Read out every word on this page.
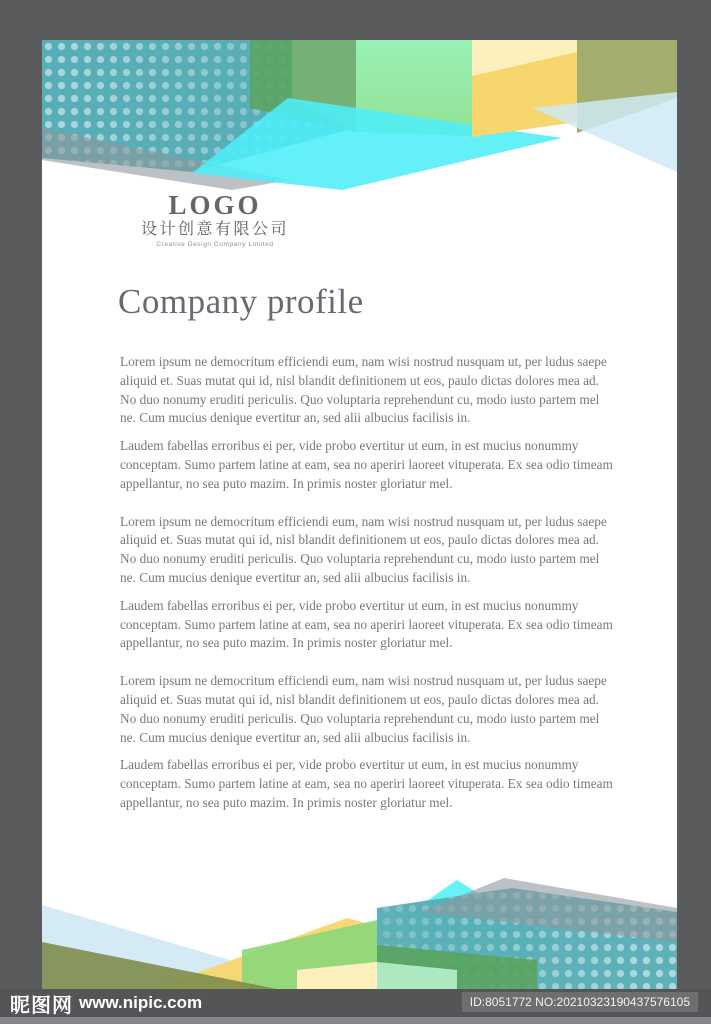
LOGO
设计创意有限公司
Creative Design Company Limited
Company profile

Lorem ipsum ne democritum efficiendi eum, nam wisi nostrud nusquam ut, per ludus saepe aliquid et. Suas mutat qui id, nisl blandit definitionem ut eos, paulo dictas dolores mea ad. No duo nonumy eruditi periculis. Quo voluptaria reprehendunt cu, modo iusto partem mel ne. Cum mucius denique evertitur an, sed alii albucius facilisis in.

Laudem fabellas erroribus ei per, vide probo evertitur ut eum, in est mucius nonummy conceptam. Sumo partem latine at eam, sea no aperiri laoreet vituperata. Ex sea odio timeam appellantur, no sea puto mazim. In primis noster gloriatur mel.

Lorem ipsum ne democritum efficiendi eum, nam wisi nostrud nusquam ut, per ludus saepe aliquid et. Suas mutat qui id, nisl blandit definitionem ut eos, paulo dictas dolores mea ad. No duo nonumy eruditi periculis. Quo voluptaria reprehendunt cu, modo iusto partem mel ne. Cum mucius denique evertitur an, sed alii albucius facilisis in.

Laudem fabellas erroribus ei per, vide probo evertitur ut eum, in est mucius nonummy conceptam. Sumo partem latine at eam, sea no aperiri laoreet vituperata. Ex sea odio timeam appellantur, no sea puto mazim. In primis noster gloriatur mel.

Lorem ipsum ne democritum efficiendi eum, nam wisi nostrud nusquam ut, per ludus saepe aliquid et. Suas mutat qui id, nisl blandit definitionem ut eos, paulo dictas dolores mea ad. No duo nonumy eruditi periculis. Quo voluptaria reprehendunt cu, modo iusto partem mel ne. Cum mucius denique evertitur an, sed alii albucius facilisis in.

Laudem fabellas erroribus ei per, vide probo evertitur ut eum, in est mucius nonummy conceptam. Sumo partem latine at eam, sea no aperiri laoreet vituperata. Ex sea odio timeam appellantur, no sea puto mazim. In primis noster gloriatur mel.

昵图网 www.nipic.com	ID:8051772 NO:20210323190437576105
